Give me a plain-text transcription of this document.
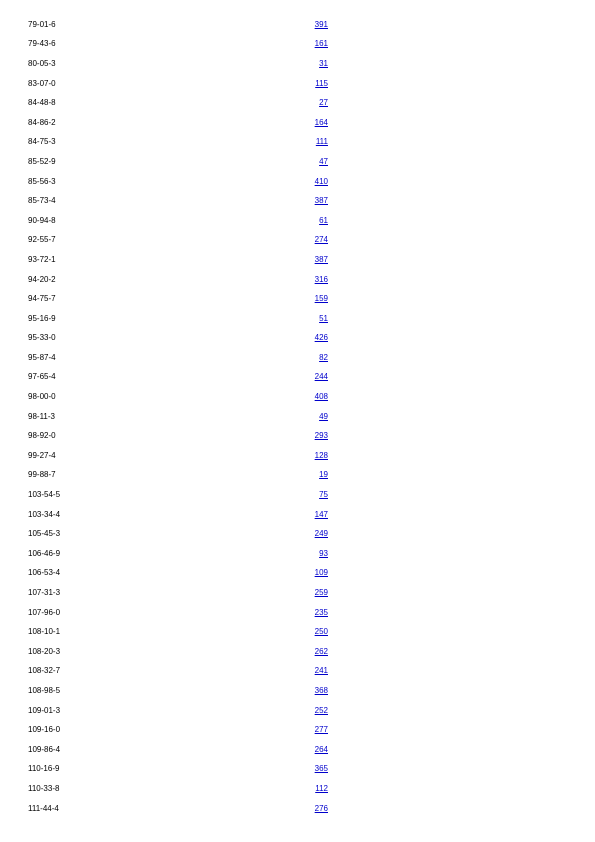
79-01-6	391
79-43-6	161
80-05-3	31
83-07-0	115
84-48-8	27
84-86-2	164
84-75-3	111
85-52-9	47
85-56-3	410
85-73-4	387
90-94-8	61
92-55-7	274
93-72-1	387
94-20-2	316
94-75-7	159
95-16-9	51
95-33-0	426
95-87-4	82
97-65-4	244
98-00-0	408
98-11-3	49
98-92-0	293
99-27-4	128
99-88-7	19
103-54-5	75
103-34-4	147
105-45-3	249
106-46-9	93
106-53-4	109
107-31-3	259
107-96-0	235
108-10-1	250
108-20-3	262
108-32-7	241
108-98-5	368
109-01-3	252
109-16-0	277
109-86-4	264
110-16-9	365
110-33-8	112
111-44-4	276
